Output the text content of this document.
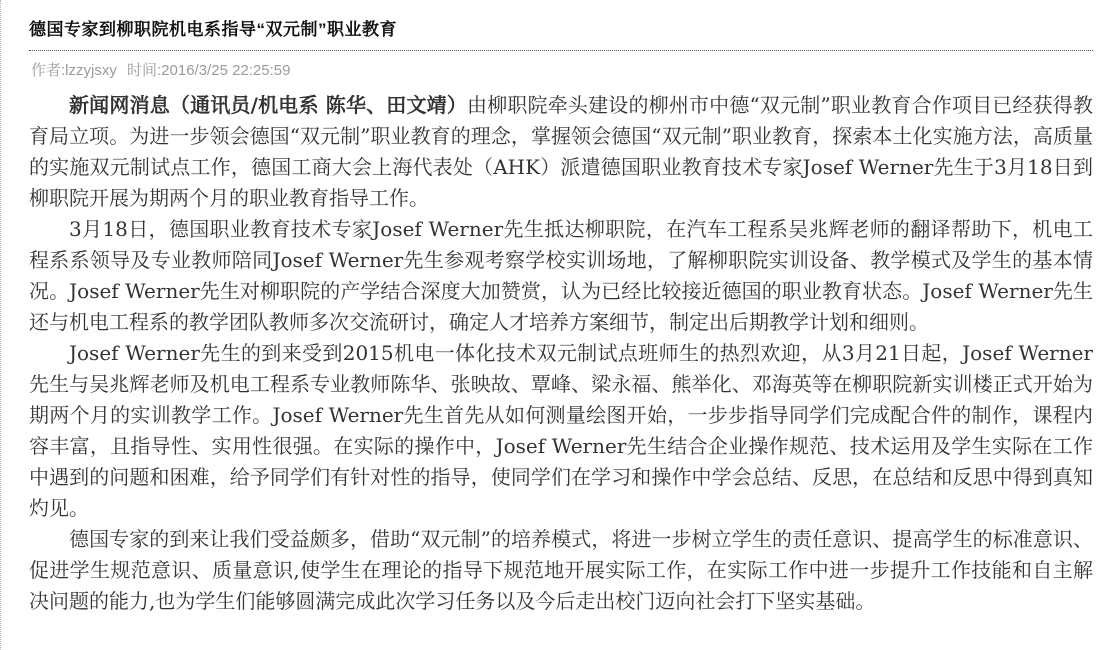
德国专家到柳职院机电系指导“双元制”职业教育
作者:lzzyjsxy 时间:2016/3/25 22:25:59

新闻网消息（通讯员/机电系 陈华、田文靖）由柳职院牵头建设的柳州市中德“双元制”职业教育合作项目已经获得教育局立项。为进一步领会德国“双元制”职业教育的理念，掌握领会德国“双元制”职业教育，探索本土化实施方法，高质量的实施双元制试点工作，德国工商大会上海代表处（AHK）派遣德国职业教育技术专家Josef Werner先生于3月18日到柳职院开展为期两个月的职业教育指导工作。

3月18日，德国职业教育技术专家Josef Werner先生抵达柳职院，在汽车工程系吴兆辉老师的翻译帮助下，机电工程系系领导及专业教师陪同Josef Werner先生参观考察学校实训场地，了解柳职院实训设备、教学模式及学生的基本情况。Josef Werner先生对柳职院的产学结合深度大加赞赏，认为已经比较接近德国的职业教育状态。Josef Werner先生还与机电工程系的教学团队教师多次交流研讨，确定人才培养方案细节，制定出后期教学计划和细则。

Josef Werner先生的到来受到2015机电一体化技术双元制试点班师生的热烈欢迎，从3月21日起，Josef Werner先生与吴兆辉老师及机电工程系专业教师陈华、张映故、覃峰、梁永福、熊举化、邓海英等在柳职院新实训楼正式开始为期两个月的实训教学工作。Josef Werner先生首先从如何测量绘图开始，一步步指导同学们完成配合件的制作，课程内容丰富，且指导性、实用性很强。在实际的操作中，Josef Werner先生结合企业操作规范、技术运用及学生实际在工作中遇到的问题和困难，给予同学们有针对性的指导，使同学们在学习和操作中学会总结、反思，在总结和反思中得到真知灼见。

德国专家的到来让我们受益颇多，借助“双元制”的培养模式，将进一步树立学生的责任意识、提高学生的标准意识、促进学生规范意识、质量意识,使学生在理论的指导下规范地开展实际工作，在实际工作中进一步提升工作技能和自主解决问题的能力,也为学生们能够圆满完成此次学习任务以及今后走出校门迈向社会打下坚实基础。
